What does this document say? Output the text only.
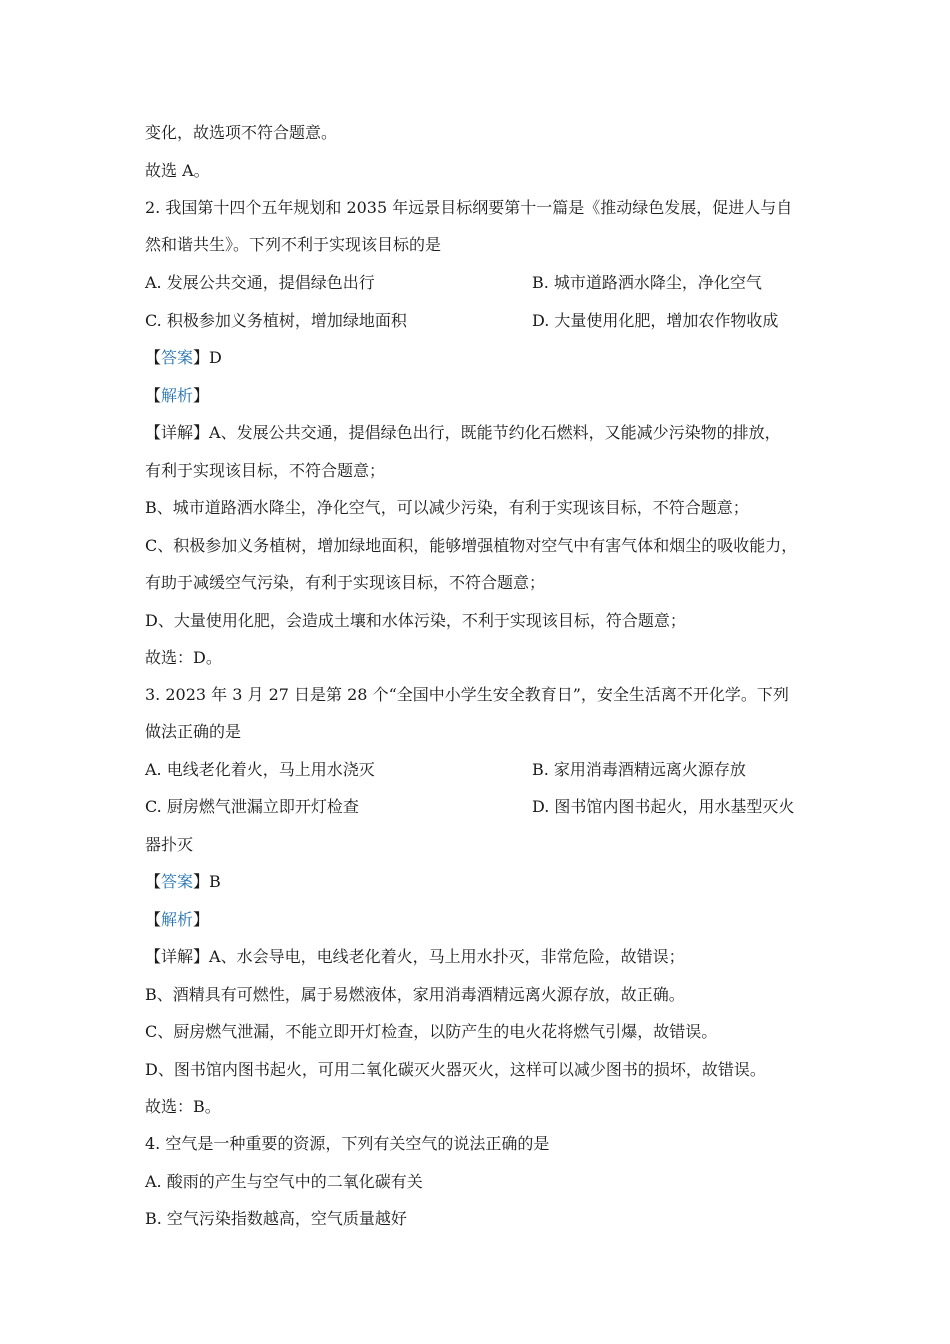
变化，故选项不符合题意。
故选 A。
2. 我国第十四个五年规划和 2035 年远景目标纲要第十一篇是《推动绿色发展，促进人与自
然和谐共生》。下列不利于实现该目标的是
A. 发展公共交通，提倡绿色出行	B. 城市道路洒水降尘，净化空气
C. 积极参加义务植树，增加绿地面积	D. 大量使用化肥，增加农作物收成
【答案】D
【解析】
【详解】A、发展公共交通，提倡绿色出行，既能节约化石燃料，又能减少污染物的排放，
有利于实现该目标，不符合题意；
B、城市道路洒水降尘，净化空气，可以减少污染，有利于实现该目标，不符合题意；
C、积极参加义务植树，增加绿地面积，能够增强植物对空气中有害气体和烟尘的吸收能力，
有助于减缓空气污染，有利于实现该目标，不符合题意；
D、大量使用化肥，会造成土壤和水体污染，不利于实现该目标，符合题意；
故选：D。
3. 2023 年 3 月 27 日是第 28 个“全国中小学生安全教育日”，安全生活离不开化学。下列
做法正确的是
A. 电线老化着火，马上用水浇灭	B. 家用消毒酒精远离火源存放
C. 厨房燃气泄漏立即开灯检查	D. 图书馆内图书起火，用水基型灭火
器扑灭
【答案】B
【解析】
【详解】A、水会导电，电线老化着火，马上用水扑灭，非常危险，故错误；
B、酒精具有可燃性，属于易燃液体，家用消毒酒精远离火源存放，故正确。
C、厨房燃气泄漏，不能立即开灯检查，以防产生的电火花将燃气引爆，故错误。
D、图书馆内图书起火，可用二氧化碳灭火器灭火，这样可以减少图书的损坏，故错误。
故选：B。
4. 空气是一种重要的资源，下列有关空气的说法正确的是
A. 酸雨的产生与空气中的二氧化碳有关
B. 空气污染指数越高，空气质量越好
